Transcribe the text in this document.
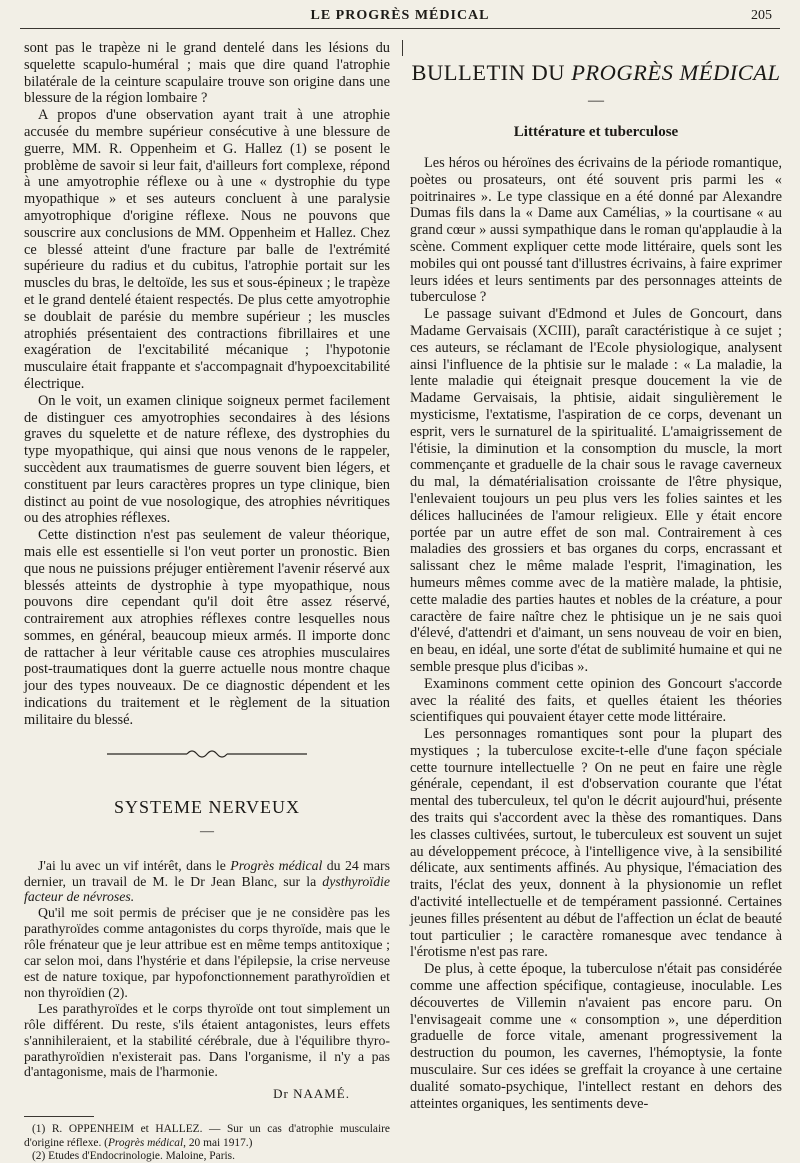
LE PROGRÈS MÉDICAL	205

sont pas le trapèze ni le grand dentelé dans les lésions du squelette scapulo-huméral ; mais que dire quand l'atrophie bilatérale de la ceinture scapulaire trouve son origine dans une blessure de la région lombaire ?

A propos d'une observation ayant trait à une atrophie accusée du membre supérieur consécutive à une blessure de guerre, MM. R. Oppenheim et G. Hallez (1) se posent le problème de savoir si leur fait, d'ailleurs fort complexe, répond à une amyotrophie réflexe ou à une « dystrophie du type myopathique » et ses auteurs concluent à une paralysie amyotrophique d'origine réflexe. Nous ne pouvons que souscrire aux conclusions de MM. Oppenheim et Hallez. Chez ce blessé atteint d'une fracture par balle de l'extrémité supérieure du radius et du cubitus, l'atrophie portait sur les muscles du bras, le deltoïde, les sus et sous-épineux ; le trapèze et le grand dentelé étaient respectés. De plus cette amyotrophie se doublait de parésie du membre supérieur ; les muscles atrophiés présentaient des contractions fibrillaires et une exagération de l'excitabilité mécanique ; l'hypotonie musculaire était frappante et s'accompagnait d'hypoexcitabilité électrique.

On le voit, un examen clinique soigneux permet facilement de distinguer ces amyotrophies secondaires à des lésions graves du squelette et de nature réflexe, des dystrophies du type myopathique, qui ainsi que nous venons de le rappeler, succèdent aux traumatismes de guerre souvent bien légers, et constituent par leurs caractères propres un type clinique, bien distinct au point de vue nosologique, des atrophies névritiques ou des atrophies réflexes.

Cette distinction n'est pas seulement de valeur théorique, mais elle est essentielle si l'on veut porter un pronostic. Bien que nous ne puissions préjuger entièrement l'avenir réservé aux blessés atteints de dystrophie à type myopathique, nous pouvons dire cependant qu'il doit être assez réservé, contrairement aux atrophies réflexes contre lesquelles nous sommes, en général, beaucoup mieux armés. Il importe donc de rattacher à leur véritable cause ces atrophies musculaires post-traumatiques dont la guerre actuelle nous montre chaque jour des types nouveaux. De ce diagnostic dépendent et les indications du traitement et le règlement de la situation militaire du blessé.

SYSTEME NERVEUX
—

J'ai lu avec un vif intérêt, dans le Progrès médical du 24 mars dernier, un travail de M. le Dr Jean Blanc, sur la dysthyroïdie facteur de névroses.

Qu'il me soit permis de préciser que je ne considère pas les parathyroïdes comme antagonistes du corps thyroïde, mais que le rôle frénateur que je leur attribue est en même temps antitoxique ; car selon moi, dans l'hystérie et dans l'épilepsie, la crise nerveuse est de nature toxique, par hypofonctionnement parathyroïdien et non thyroïdien (2).

Les parathyroïdes et le corps thyroïde ont tout simplement un rôle différent. Du reste, s'ils étaient antagonistes, leurs effets s'annihileraient, et la stabilité cérébrale, due à l'équilibre thyro-parathyroïdien n'existerait pas. Dans l'organisme, il n'y a pas d'antagonisme, mais de l'harmonie.

Dr NAAMÉ.

(1) R. OPPENHEIM et HALLEZ. — Sur un cas d'atrophie musculaire d'origine réflexe. (Progrès médical, 20 mai 1917.)

(2) Etudes d'Endocrinologie. Maloine, Paris.

BULLETIN DU PROGRÈS MÉDICAL
—
Littérature et tuberculose

Les héros ou héroïnes des écrivains de la période romantique, poètes ou prosateurs, ont été souvent pris parmi les « poitrinaires ». Le type classique en a été donné par Alexandre Dumas fils dans la « Dame aux Camélias, » la courtisane « au grand cœur » aussi sympathique dans le roman qu'applaudie à la scène. Comment expliquer cette mode littéraire, quels sont les mobiles qui ont poussé tant d'illustres écrivains, à faire exprimer leurs idées et leurs sentiments par des personnages atteints de tuberculose ?

Le passage suivant d'Edmond et Jules de Goncourt, dans Madame Gervaisais (XCIII), paraît caractéristique à ce sujet ; ces auteurs, se réclamant de l'Ecole physiologique, analysent ainsi l'influence de la phtisie sur le malade : « La maladie, la lente maladie qui éteignait presque doucement la vie de Madame Gervaisais, la phtisie, aidait singulièrement le mysticisme, l'extatisme, l'aspiration de ce corps, devenant un esprit, vers le surnaturel de la spiritualité. L'amaigrissement de l'étisie, la diminution et la consomption du muscle, la mort commençante et graduelle de la chair sous le ravage caverneux du mal, la dématérialisation croissante de l'être physique, l'enlevaient toujours un peu plus vers les folies saintes et les délices hallucinées de l'amour religieux. Elle y était encore portée par un autre effet de son mal. Contrairement à ces maladies des grossiers et bas organes du corps, encrassant et salissant chez le même malade l'esprit, l'imagination, les humeurs mêmes comme avec de la matière malade, la phtisie, cette maladie des parties hautes et nobles de la créature, a pour caractère de faire naître chez le phtisique un je ne sais quoi d'élevé, d'attendri et d'aimant, un sens nouveau de voir en bien, en beau, en idéal, une sorte d'état de sublimité humaine et qui ne semble presque plus d'icibas ».

Examinons comment cette opinion des Goncourt s'accorde avec la réalité des faits, et quelles étaient les théories scientifiques qui pouvaient étayer cette mode littéraire.

Les personnages romantiques sont pour la plupart des mystiques ; la tuberculose excite-t-elle d'une façon spéciale cette tournure intellectuelle ? On ne peut en faire une règle générale, cependant, il est d'observation courante que l'état mental des tuberculeux, tel qu'on le décrit aujourd'hui, présente des traits qui s'accordent avec la thèse des romantiques. Dans les classes cultivées, surtout, le tuberculeux est souvent un sujet au développement précoce, à l'intelligence vive, à la sensibilité délicate, aux sentiments affinés. Au physique, l'émaciation des traits, l'éclat des yeux, donnent à la physionomie un reflet d'activité intellectuelle et de tempérament passionné. Certaines jeunes filles présentent au début de l'affection un éclat de beauté tout particulier ; le caractère romanesque avec tendance à l'érotisme n'est pas rare.

De plus, à cette époque, la tuberculose n'était pas considérée comme une affection spécifique, contagieuse, inoculable. Les découvertes de Villemin n'avaient pas encore paru. On l'envisageait comme une « consomption », une déperdition graduelle de force vitale, amenant progressivement la destruction du poumon, les cavernes, l'hémoptysie, la fonte musculaire. Sur ces idées se greffait la croyance à une certaine dualité somato-psychique, l'intellect restant en dehors des atteintes organiques, les sentiments deve-
